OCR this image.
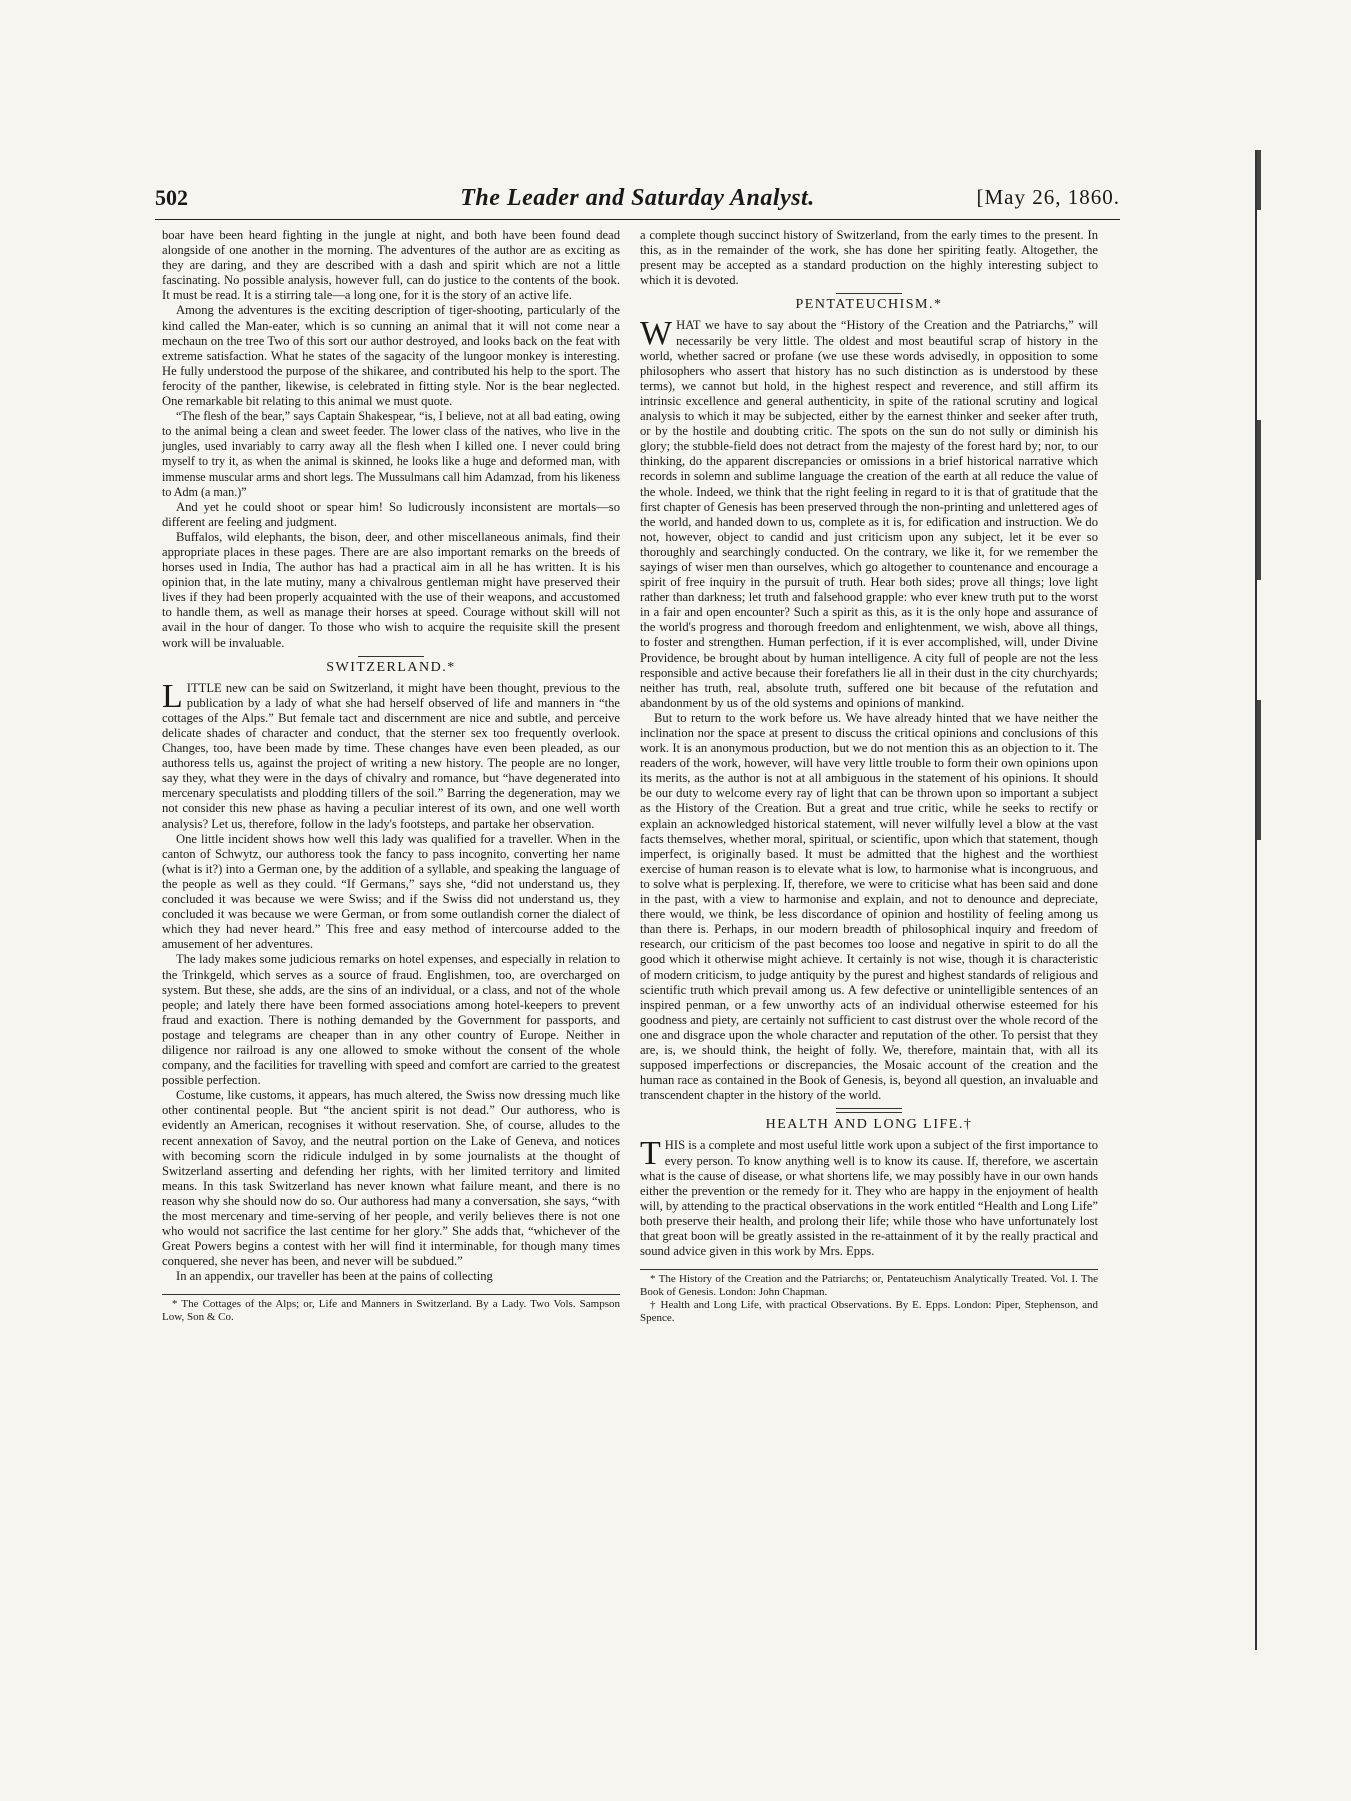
502	The Leader and Saturday Analyst.	[May 26, 1860.

boar have been heard fighting in the jungle at night, and both have been found dead alongside of one another in the morning. The adventures of the author are as exciting as they are daring, and they are described with a dash and spirit which are not a little fascinating. No possible analysis, however full, can do justice to the contents of the book. It must be read. It is a stirring tale—a long one, for it is the story of an active life.

Among the adventures is the exciting description of tiger-shooting, particularly of the kind called the Man-eater, which is so cunning an animal that it will not come near a mechaun on the tree Two of this sort our author destroyed, and looks back on the feat with extreme satisfaction. What he states of the sagacity of the lungoor monkey is interesting. He fully understood the purpose of the shikaree, and contributed his help to the sport. The ferocity of the panther, likewise, is celebrated in fitting style. Nor is the bear neglected. One remarkable bit relating to this animal we must quote.

“The flesh of the bear,” says Captain Shakespear, “is, I believe, not at all bad eating, owing to the animal being a clean and sweet feeder. The lower class of the natives, who live in the jungles, used invariably to carry away all the flesh when I killed one. I never could bring myself to try it, as when the animal is skinned, he looks like a huge and deformed man, with immense muscular arms and short legs. The Mussulmans call him Adamzad, from his likeness to Adm (a man.)”

And yet he could shoot or spear him! So ludicrously inconsistent are mortals—so different are feeling and judgment.

Buffalos, wild elephants, the bison, deer, and other miscellaneous animals, find their appropriate places in these pages. There are are also important remarks on the breeds of horses used in India, The author has had a practical aim in all he has written. It is his opinion that, in the late mutiny, many a chivalrous gentleman might have preserved their lives if they had been properly acquainted with the use of their weapons, and accustomed to handle them, as well as manage their horses at speed. Courage without skill will not avail in the hour of danger. To those who wish to acquire the requisite skill the present work will be invaluable.

SWITZERLAND.*

LITTLE new can be said on Switzerland, it might have been thought, previous to the publication by a lady of what she had herself observed of life and manners in “the cottages of the Alps.” But female tact and discernment are nice and subtle, and perceive delicate shades of character and conduct, that the sterner sex too frequently overlook. Changes, too, have been made by time. These changes have even been pleaded, as our authoress tells us, against the project of writing a new history. The people are no longer, say they, what they were in the days of chivalry and romance, but “have degenerated into mercenary speculatists and plodding tillers of the soil.” Barring the degeneration, may we not consider this new phase as having a peculiar interest of its own, and one well worth analysis? Let us, therefore, follow in the lady's footsteps, and partake her observation.

One little incident shows how well this lady was qualified for a traveller. When in the canton of Schwytz, our authoress took the fancy to pass incognito, converting her name (what is it?) into a German one, by the addition of a syllable, and speaking the language of the people as well as they could. “If Germans,” says she, “did not understand us, they concluded it was because we were Swiss; and if the Swiss did not understand us, they concluded it was because we were German, or from some outlandish corner the dialect of which they had never heard.” This free and easy method of intercourse added to the amusement of her adventures.

The lady makes some judicious remarks on hotel expenses, and especially in relation to the Trinkgeld, which serves as a source of fraud. Englishmen, too, are overcharged on system. But these, she adds, are the sins of an individual, or a class, and not of the whole people; and lately there have been formed associations among hotel-keepers to prevent fraud and exaction. There is nothing demanded by the Government for passports, and postage and telegrams are cheaper than in any other country of Europe. Neither in diligence nor railroad is any one allowed to smoke without the consent of the whole company, and the facilities for travelling with speed and comfort are carried to the greatest possible perfection.

Costume, like customs, it appears, has much altered, the Swiss now dressing much like other continental people. But “the ancient spirit is not dead.” Our authoress, who is evidently an American, recognises it without reservation. She, of course, alludes to the recent annexation of Savoy, and the neutral portion on the Lake of Geneva, and notices with becoming scorn the ridicule indulged in by some journalists at the thought of Switzerland asserting and defending her rights, with her limited territory and limited means. In this task Switzerland has never known what failure meant, and there is no reason why she should now do so. Our authoress had many a conversation, she says, “with the most mercenary and time-serving of her people, and verily believes there is not one who would not sacrifice the last centime for her glory.” She adds that, “whichever of the Great Powers begins a contest with her will find it interminable, for though many times conquered, she never has been, and never will be subdued.”

In an appendix, our traveller has been at the pains of collecting

* The Cottages of the Alps; or, Life and Manners in Switzerland. By a Lady. Two Vols. Sampson Low, Son & Co.

a complete though succinct history of Switzerland, from the early times to the present. In this, as in the remainder of the work, she has done her spiriting featly. Altogether, the present may be accepted as a standard production on the highly interesting subject to which it is devoted.

PENTATEUCHISM.*

WHAT we have to say about the “History of the Creation and the Patriarchs,” will necessarily be very little. The oldest and most beautiful scrap of history in the world, whether sacred or profane (we use these words advisedly, in opposition to some philosophers who assert that history has no such distinction as is understood by these terms), we cannot but hold, in the highest respect and reverence, and still affirm its intrinsic excellence and general authenticity, in spite of the rational scrutiny and logical analysis to which it may be subjected, either by the earnest thinker and seeker after truth, or by the hostile and doubting critic. The spots on the sun do not sully or diminish his glory; the stubble-field does not detract from the majesty of the forest hard by; nor, to our thinking, do the apparent discrepancies or omissions in a brief historical narrative which records in solemn and sublime language the creation of the earth at all reduce the value of the whole. Indeed, we think that the right feeling in regard to it is that of gratitude that the first chapter of Genesis has been preserved through the non-printing and unlettered ages of the world, and handed down to us, complete as it is, for edification and instruction. We do not, however, object to candid and just criticism upon any subject, let it be ever so thoroughly and searchingly conducted. On the contrary, we like it, for we remember the sayings of wiser men than ourselves, which go altogether to countenance and encourage a spirit of free inquiry in the pursuit of truth. Hear both sides; prove all things; love light rather than darkness; let truth and falsehood grapple: who ever knew truth put to the worst in a fair and open encounter? Such a spirit as this, as it is the only hope and assurance of the world's progress and thorough freedom and enlightenment, we wish, above all things, to foster and strengthen. Human perfection, if it is ever accomplished, will, under Divine Providence, be brought about by human intelligence. A city full of people are not the less responsible and active because their forefathers lie all in their dust in the city churchyards; neither has truth, real, absolute truth, suffered one bit because of the refutation and abandonment by us of the old systems and opinions of mankind.

But to return to the work before us. We have already hinted that we have neither the inclination nor the space at present to discuss the critical opinions and conclusions of this work. It is an anonymous production, but we do not mention this as an objection to it. The readers of the work, however, will have very little trouble to form their own opinions upon its merits, as the author is not at all ambiguous in the statement of his opinions. It should be our duty to welcome every ray of light that can be thrown upon so important a subject as the History of the Creation. But a great and true critic, while he seeks to rectify or explain an acknowledged historical statement, will never wilfully level a blow at the vast facts themselves, whether moral, spiritual, or scientific, upon which that statement, though imperfect, is originally based. It must be admitted that the highest and the worthiest exercise of human reason is to elevate what is low, to harmonise what is incongruous, and to solve what is perplexing. If, therefore, we were to criticise what has been said and done in the past, with a view to harmonise and explain, and not to denounce and depreciate, there would, we think, be less discordance of opinion and hostility of feeling among us than there is. Perhaps, in our modern breadth of philosophical inquiry and freedom of research, our criticism of the past becomes too loose and negative in spirit to do all the good which it otherwise might achieve. It certainly is not wise, though it is characteristic of modern criticism, to judge antiquity by the purest and highest standards of religious and scientific truth which prevail among us. A few defective or unintelligible sentences of an inspired penman, or a few unworthy acts of an individual otherwise esteemed for his goodness and piety, are certainly not sufficient to cast distrust over the whole record of the one and disgrace upon the whole character and reputation of the other. To persist that they are, is, we should think, the height of folly. We, therefore, maintain that, with all its supposed imperfections or discrepancies, the Mosaic account of the creation and the human race as contained in the Book of Genesis, is, beyond all question, an invaluable and transcendent chapter in the history of the world.

HEALTH AND LONG LIFE.†

THIS is a complete and most useful little work upon a subject of the first importance to every person. To know anything well is to know its cause. If, therefore, we ascertain what is the cause of disease, or what shortens life, we may possibly have in our own hands either the prevention or the remedy for it. They who are happy in the enjoyment of health will, by attending to the practical observations in the work entitled “Health and Long Life” both preserve their health, and prolong their life; while those who have unfortunately lost that great boon will be greatly assisted in the re-attainment of it by the really practical and sound advice given in this work by Mrs. Epps.

* The History of the Creation and the Patriarchs; or, Pentateuchism Analytically Treated. Vol. I. The Book of Genesis. London: John Chapman.

† Health and Long Life, with practical Observations. By E. Epps. London: Piper, Stephenson, and Spence.
